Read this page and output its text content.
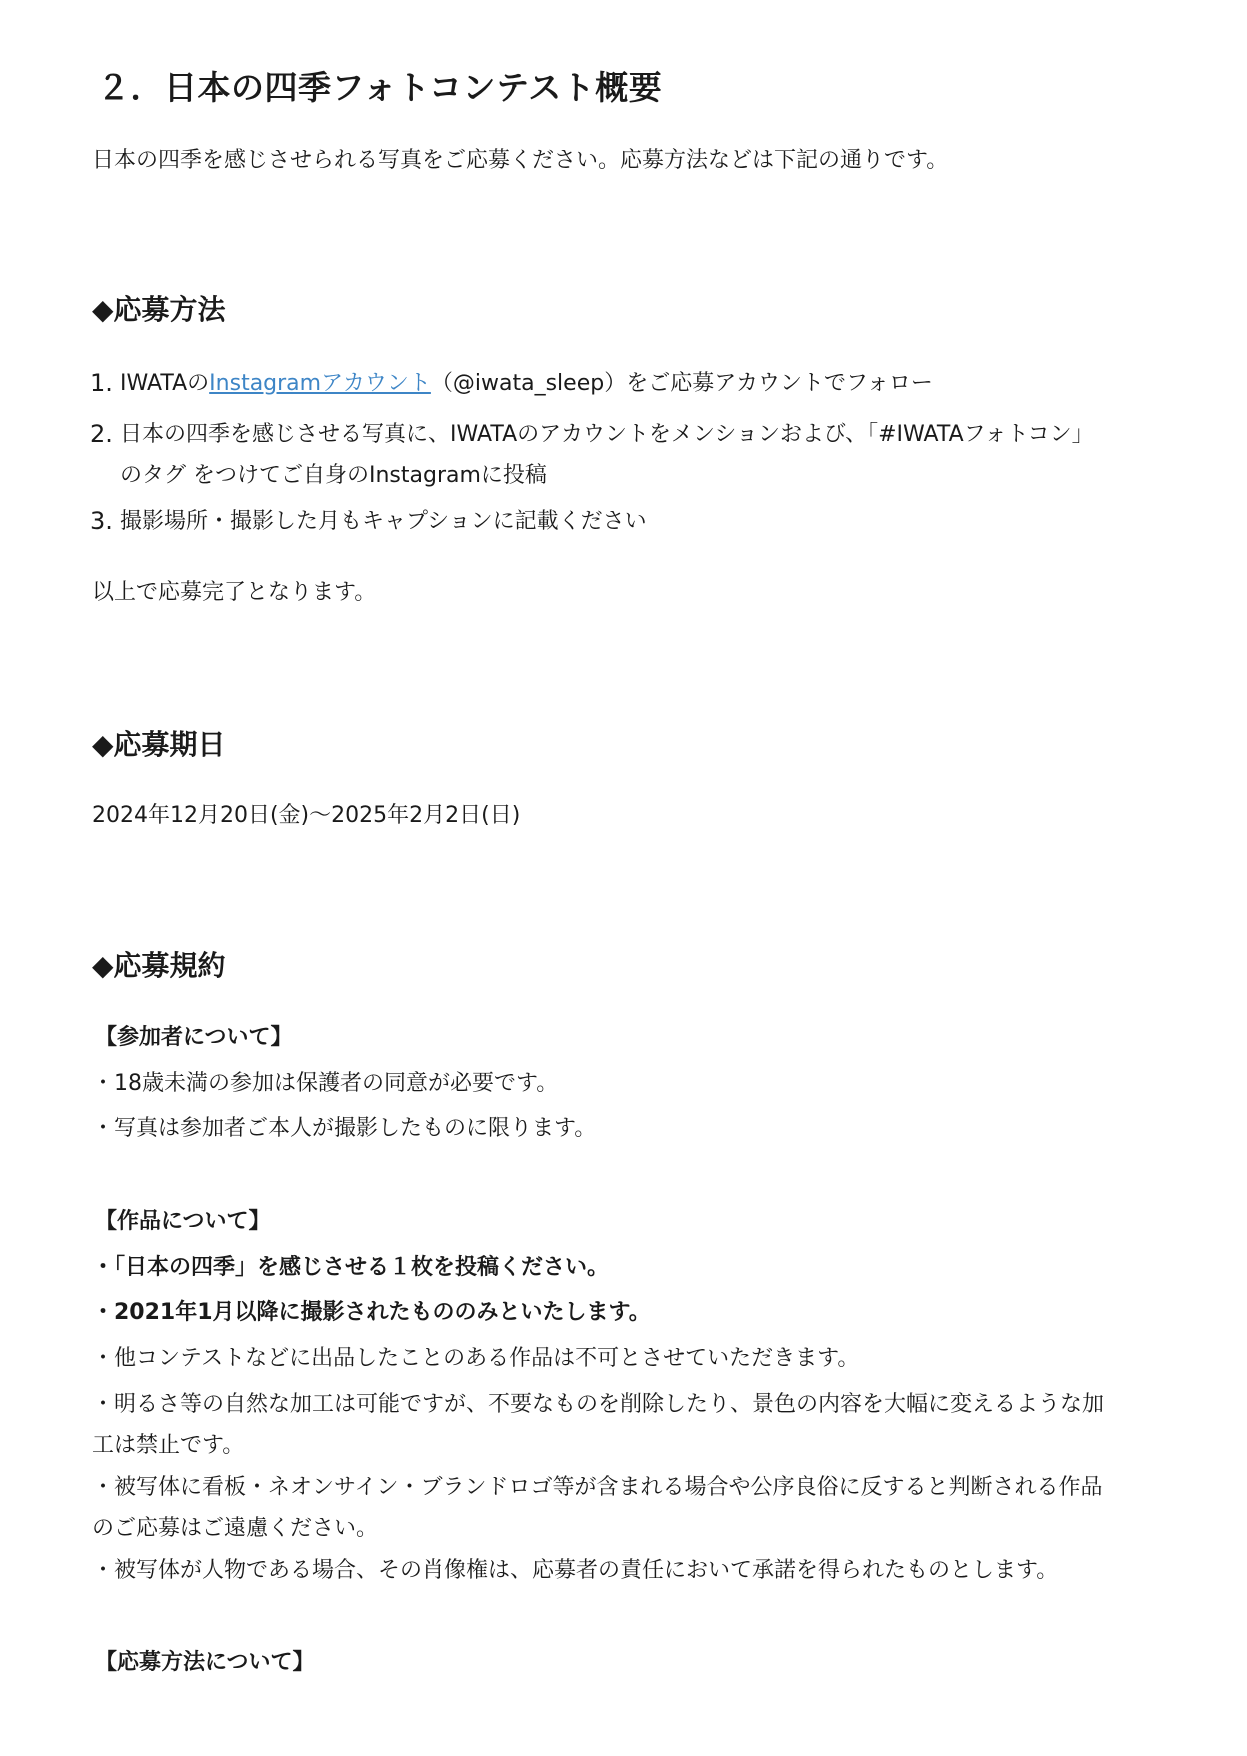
２．日本の四季フォトコンテスト概要
日本の四季を感じさせられる写真をご応募ください。応募方法などは下記の通りです。
◆応募方法
1. IWATAのInstagramアカウント（@iwata_sleep）をご応募アカウントでフォロー
2. 日本の四季を感じさせる写真に、IWATAのアカウントをメンションおよび、「#IWATAフォトコン」
のタグ をつけてご自身のInstagramに投稿
3. 撮影場所・撮影した月もキャプションに記載ください
以上で応募完了となります。
◆応募期日
2024年12月20日(金)〜2025年2月2日(日)
◆応募規約
【参加者について】
・18歳未満の参加は保護者の同意が必要です。
・写真は参加者ご本人が撮影したものに限ります。
【作品について】
・「日本の四季」を感じさせる１枚を投稿ください。
・2021年1月以降に撮影されたもののみといたします。
・他コンテストなどに出品したことのある作品は不可とさせていただきます。
・明るさ等の自然な加工は可能ですが、不要なものを削除したり、景色の内容を大幅に変えるような加
工は禁止です。
・被写体に看板・ネオンサイン・ブランドロゴ等が含まれる場合や公序良俗に反すると判断される作品
のご応募はご遠慮ください。
・被写体が人物である場合、その肖像権は、応募者の責任において承諾を得られたものとします。
【応募方法について】
